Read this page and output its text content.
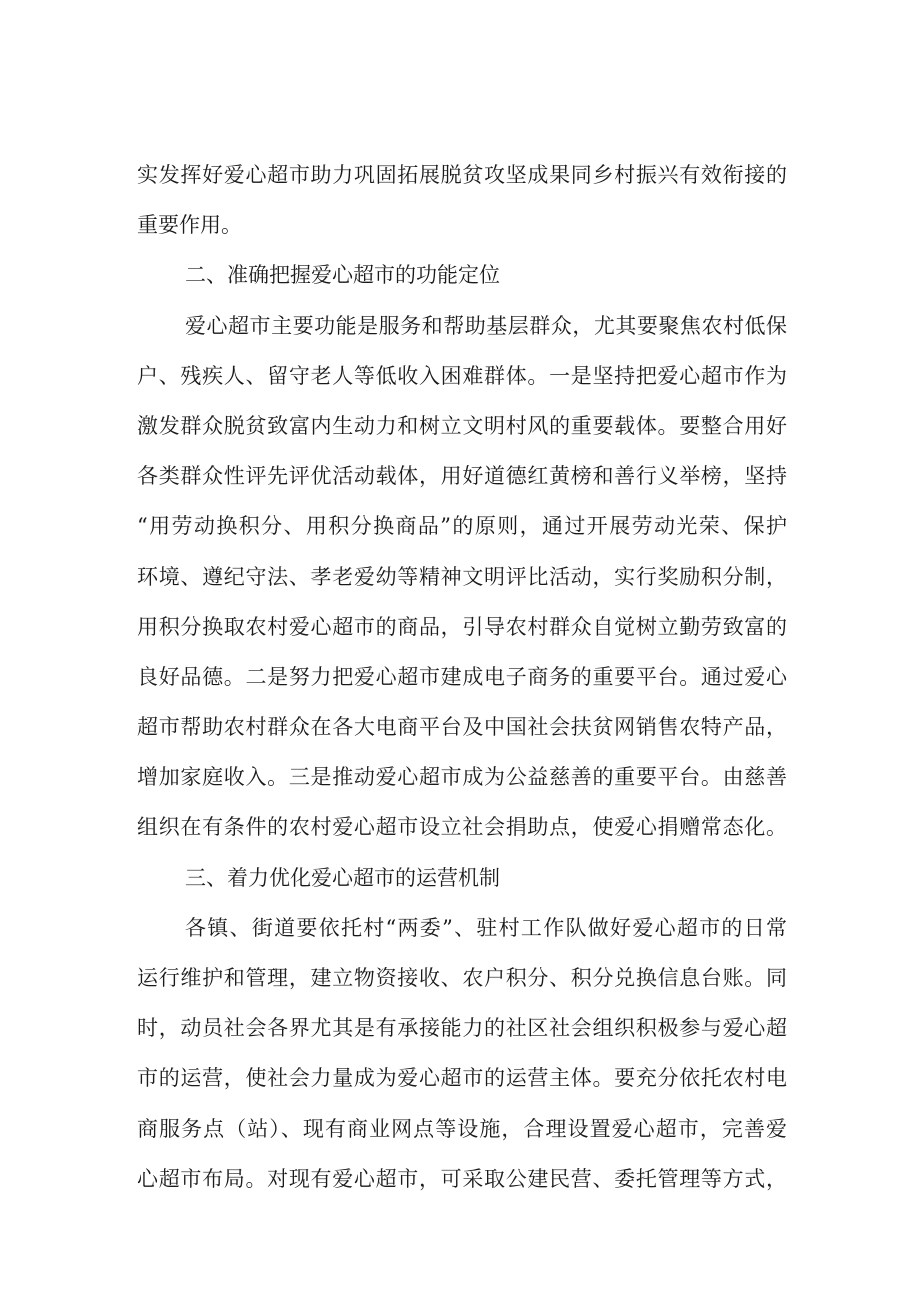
实发挥好爱心超市助力巩固拓展脱贫攻坚成果同乡村振兴有效衔接的
重要作用。
二、准确把握爱心超市的功能定位
爱心超市主要功能是服务和帮助基层群众，尤其要聚焦农村低保
户、残疾人、留守老人等低收入困难群体。一是坚持把爱心超市作为
激发群众脱贫致富内生动力和树立文明村风的重要载体。要整合用好
各类群众性评先评优活动载体，用好道德红黄榜和善行义举榜，坚持
“用劳动换积分、用积分换商品”的原则，通过开展劳动光荣、保护
环境、遵纪守法、孝老爱幼等精神文明评比活动，实行奖励积分制，
用积分换取农村爱心超市的商品，引导农村群众自觉树立勤劳致富的
良好品德。二是努力把爱心超市建成电子商务的重要平台。通过爱心
超市帮助农村群众在各大电商平台及中国社会扶贫网销售农特产品，
增加家庭收入。三是推动爱心超市成为公益慈善的重要平台。由慈善
组织在有条件的农村爱心超市设立社会捐助点，使爱心捐赠常态化。
三、着力优化爱心超市的运营机制
各镇、街道要依托村“两委”、驻村工作队做好爱心超市的日常
运行维护和管理，建立物资接收、农户积分、积分兑换信息台账。同
时，动员社会各界尤其是有承接能力的社区社会组织积极参与爱心超
市的运营，使社会力量成为爱心超市的运营主体。要充分依托农村电
商服务点（站）、现有商业网点等设施，合理设置爱心超市，完善爱
心超市布局。对现有爱心超市，可采取公建民营、委托管理等方式，
